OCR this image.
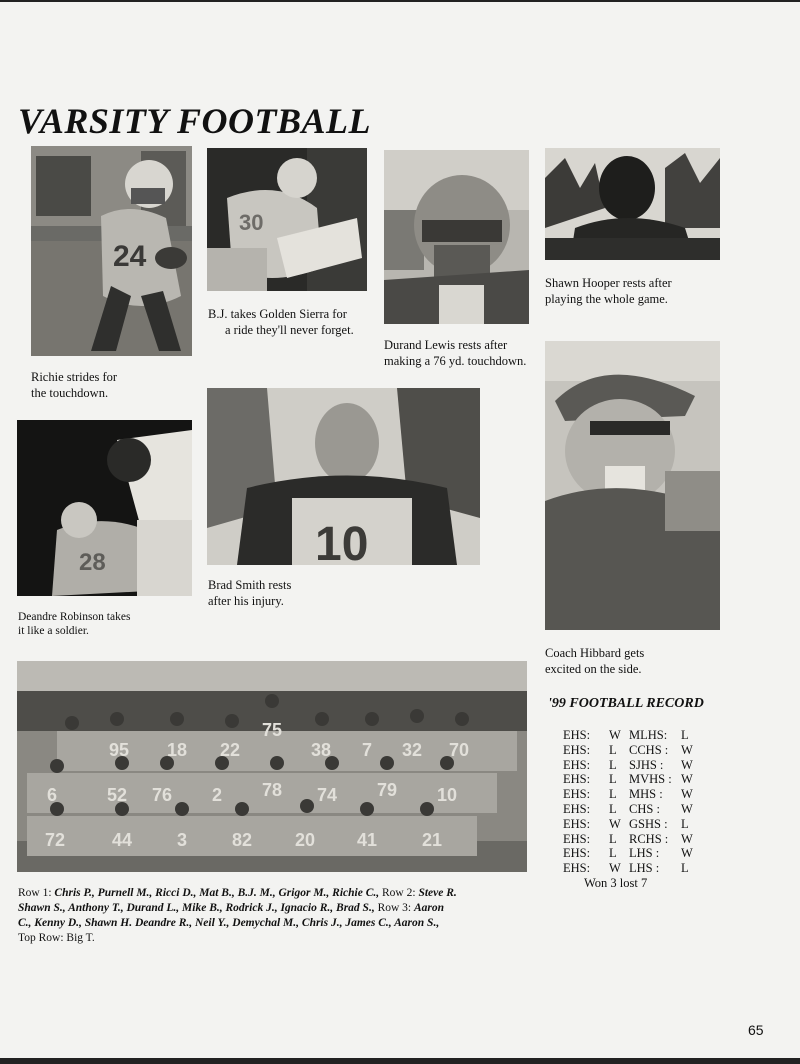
VARSITY FOOTBALL
24
30
28	10
95 18 22
75
38 7 32 70
6	52 76 2 78 74 79 10
72	44 3 82 20 41 21
Richie strides for
the touchdown.
B.J. takes Golden Sierra for
a ride they'll never forget.
Durand Lewis rests after
making a 76 yd. touchdown.
Shawn Hooper rests after
playing the whole game.
Deandre Robinson takes
it like a soldier.
Brad Smith rests
after his injury.
Coach Hibbard gets
excited on the side.
'99 FOOTBALL RECORD
EHS:	W	MLHS:	L
EHS:	L	CCHS :	W
EHS:	L	SJHS :	W
EHS:	L	MVHS :	W
EHS:	L	MHS :	W
EHS:	L	CHS :	W
EHS:	W	GSHS :	L
EHS:	L	RCHS :	W
EHS:	L	LHS :	W
EHS:	W	LHS :	L
Won 3 lost 7
Row 1: Chris P., Purnell M., Ricci D., Mat B., B.J. M., Grigor M., Richie C., Row 2: Steve R. Shawn S., Anthony T., Durand L., Mike B., Rodrick J., Ignacio R., Brad S., Row 3: Aaron C., Kenny D., Shawn H. Deandre R., Neil Y., Demychal M., Chris J., James C., Aaron S., Top Row: Big T.
65
